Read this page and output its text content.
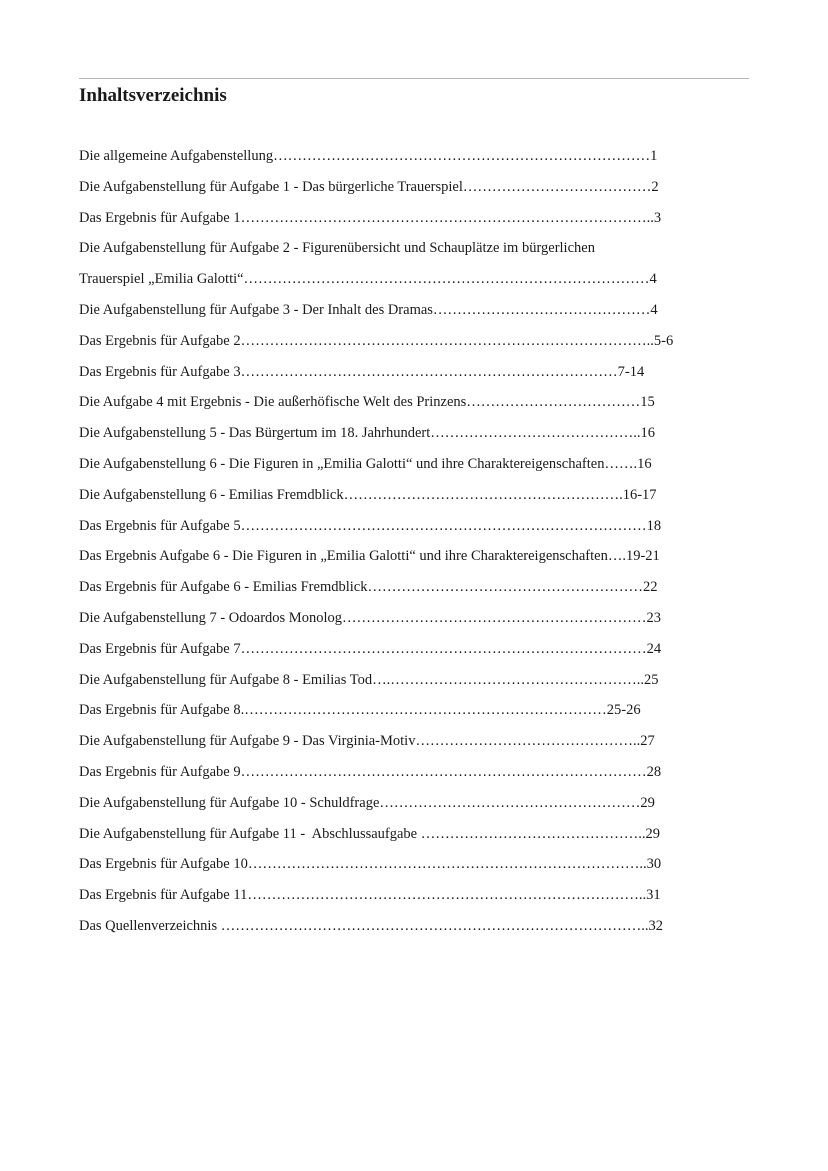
Inhaltsverzeichnis
Die allgemeine Aufgabenstellung……………………………………………………………………1
Die Aufgabenstellung für Aufgabe 1 - Das bürgerliche Trauerspiel…………………………………2
Das Ergebnis für Aufgabe 1…………………………………………………………………………..3
Die Aufgabenstellung für Aufgabe 2 - Figurenübersicht und Schauplätze im bürgerlichen
Trauerspiel „Emilia Galotti“…………………………………………………………………………4
Die Aufgabenstellung für Aufgabe 3 - Der Inhalt des Dramas………………………………………4
Das Ergebnis für Aufgabe 2…………………………………………………………………………..5-6
Das Ergebnis für Aufgabe 3……………………………………………………………………7-14
Die Aufgabe 4 mit Ergebnis - Die außerhöfische Welt des Prinzens………………………………15
Die Aufgabenstellung 5 - Das Bürgertum im 18. Jahrhundert……………………………………..16
Die Aufgabenstellung 6 - Die Figuren in „Emilia Galotti“ und ihre Charaktereigenschaften…….16
Die Aufgabenstellung 6 - Emilias Fremdblick………………………………………………….16-17
Das Ergebnis für Aufgabe 5…………………………………………………………………………18
Das Ergebnis Aufgabe 6 - Die Figuren in „Emilia Galotti“ und ihre Charaktereigenschaften….19-21
Das Ergebnis für Aufgabe 6 - Emilias Fremdblick…………………………………………………22
Die Aufgabenstellung 7 - Odoardos Monolog………………………………………………………23
Das Ergebnis für Aufgabe 7…………………………………………………………………………24
Die Aufgabenstellung für Aufgabe 8 - Emilias Tod….……………………………………………..25
Das Ergebnis für Aufgabe 8.…………………………………………………………………25-26
Die Aufgabenstellung für Aufgabe 9 - Das Virginia-Motiv………………………………………..27
Das Ergebnis für Aufgabe 9…………………………………………………………………………28
Die Aufgabenstellung für Aufgabe 10 - Schuldfrage………………………………………………29
Die Aufgabenstellung für Aufgabe 11 -  Abschlussaufgabe ………………………………………..29
Das Ergebnis für Aufgabe 10………………………………………………………………………..30
Das Ergebnis für Aufgabe 11………………………………………………………………………..31
Das Quellenverzeichnis ……………………………………………………………………………..32
